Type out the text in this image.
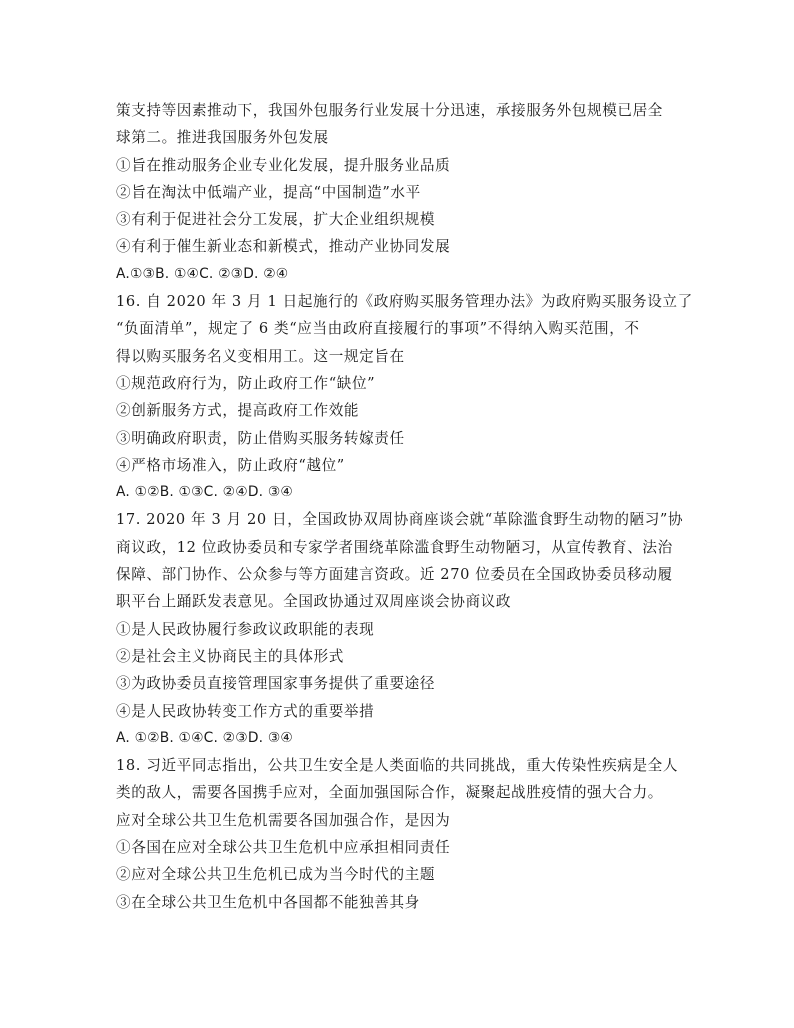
策支持等因素推动下，我国外包服务行业发展十分迅速，承接服务外包规模已居全
球第二。推进我国服务外包发展
①旨在推动服务企业专业化发展，提升服务业品质
②旨在淘汰中低端产业，提高“中国制造”水平
③有利于促进社会分工发展，扩大企业组织规模
④有利于催生新业态和新模式，推动产业协同发展
A.①③B. ①④C. ②③D. ②④
16. 自 2020 年 3 月 1 日起施行的《政府购买服务管理办法》为政府购买服务设立了
“负面清单”，规定了 6 类“应当由政府直接履行的事项”不得纳入购买范围，不
得以购买服务名义变相用工。这一规定旨在
①规范政府行为，防止政府工作“缺位”
②创新服务方式，提高政府工作效能
③明确政府职责，防止借购买服务转嫁责任
④严格市场准入，防止政府“越位”
A. ①②B. ①③C. ②④D. ③④
17. 2020 年 3 月 20 日，全国政协双周协商座谈会就“革除滥食野生动物的陋习”协
商议政，12 位政协委员和专家学者围绕革除滥食野生动物陋习，从宣传教育、法治
保障、部门协作、公众参与等方面建言资政。近 270 位委员在全国政协委员移动履
职平台上踊跃发表意见。全国政协通过双周座谈会协商议政
①是人民政协履行参政议政职能的表现
②是社会主义协商民主的具体形式
③为政协委员直接管理国家事务提供了重要途径
④是人民政协转变工作方式的重要举措
A. ①②B. ①④C. ②③D. ③④
18. 习近平同志指出，公共卫生安全是人类面临的共同挑战，重大传染性疾病是全人
类的敌人，需要各国携手应对，全面加强国际合作，凝聚起战胜疫情的强大合力。
应对全球公共卫生危机需要各国加强合作，是因为
①各国在应对全球公共卫生危机中应承担相同责任
②应对全球公共卫生危机已成为当今时代的主题
③在全球公共卫生危机中各国都不能独善其身
